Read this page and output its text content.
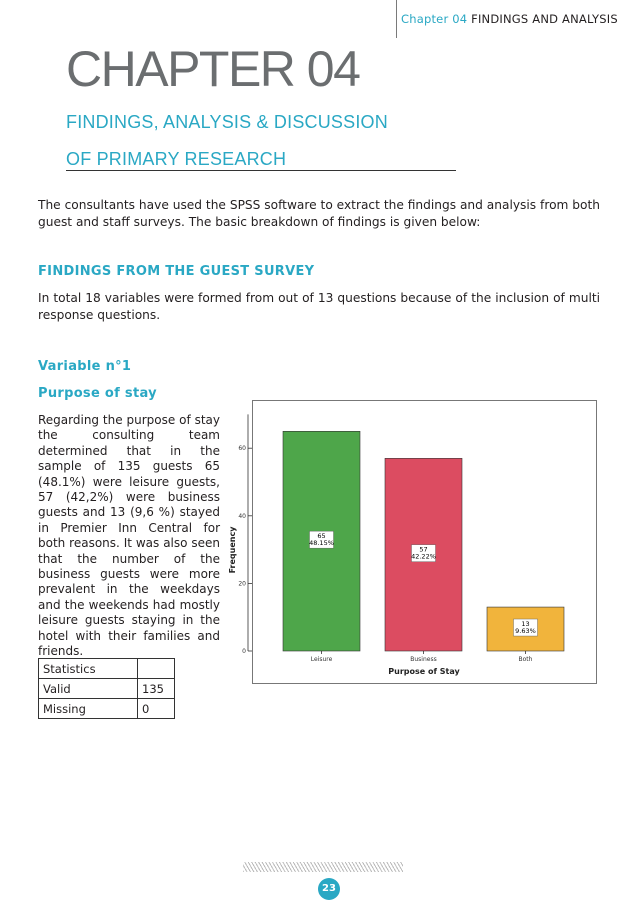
Chapter 04 FINDINGS AND ANALYSIS
CHAPTER 04
FINDINGS, ANALYSIS & DISCUSSION
OF PRIMARY RESEARCH

The consultants have used the SPSS software to extract the findings and analysis from both guest and staff surveys. The basic breakdown of findings is given below:

FINDINGS FROM THE GUEST SURVEY

In total 18 variables were formed from out of 13 questions because of the inclusion of multi response questions.

Variable n°1
Purpose of stay

Regarding the purpose of stay the consulting team determined that in the sample of 135 guests 65 (48.1%) were leisure guests, 57 (42,2%) were business guests and 13 (9,6 %) stayed in Premier Inn Central for both reasons. It was also seen that the number of the business guests were more prevalent in the weekdays and the weekends had mostly leisure guests staying in the hotel with their families and friends.

Statistics	
Valid	135
Missing	0
0
20
40
60
Frequency	65
48.15%
Leisure
57
42.22%
Business
13
9.63%
Both
Purpose of Stay
23
